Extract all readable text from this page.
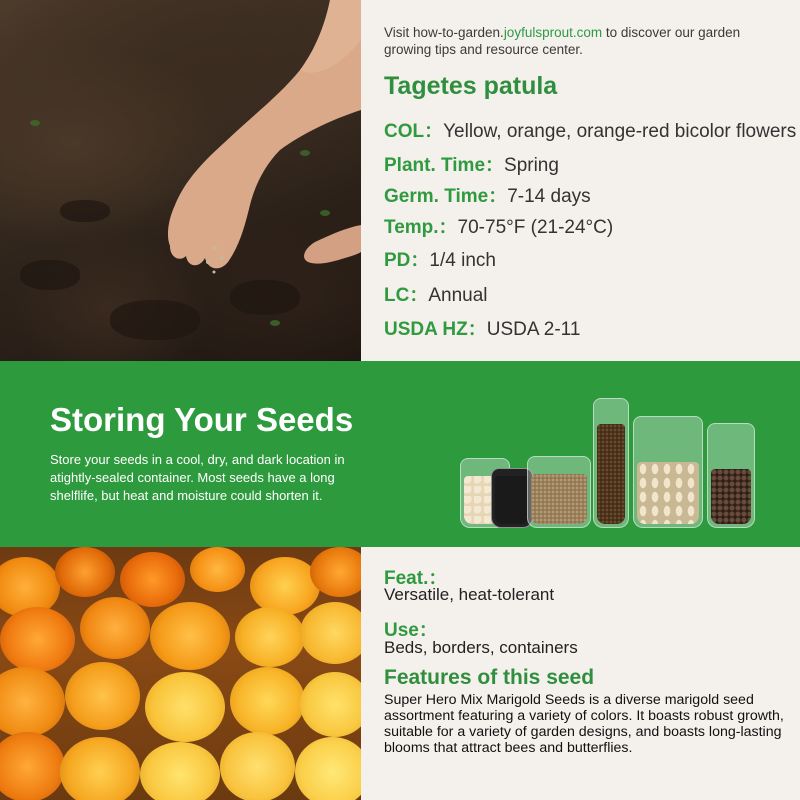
Visit how-to-garden.joyfulsprout.com to discover our garden growing tips and resource center.
Tagetes patula
COL：Yellow, orange, orange-red bicolor flowers
Plant. Time：Spring
Germ. Time：7-14 days
Temp.：70-75°F (21-24°C)
PD：1/4 inch
LC：Annual
USDA HZ：USDA 2-11
Storing Your Seeds
Store your seeds in a cool, dry, and dark location in atightly-sealed container. Most seeds have a long shelflife, but heat and moisture could shorten it.
Feat.：
Versatile, heat-tolerant
Use：
Beds, borders, containers
Features of this seed
Super Hero Mix Marigold Seeds is a diverse marigold seed assortment featuring a variety of colors. It boasts robust growth, suitable for a variety of garden designs, and boasts long-lasting blooms that attract bees and butterflies.
